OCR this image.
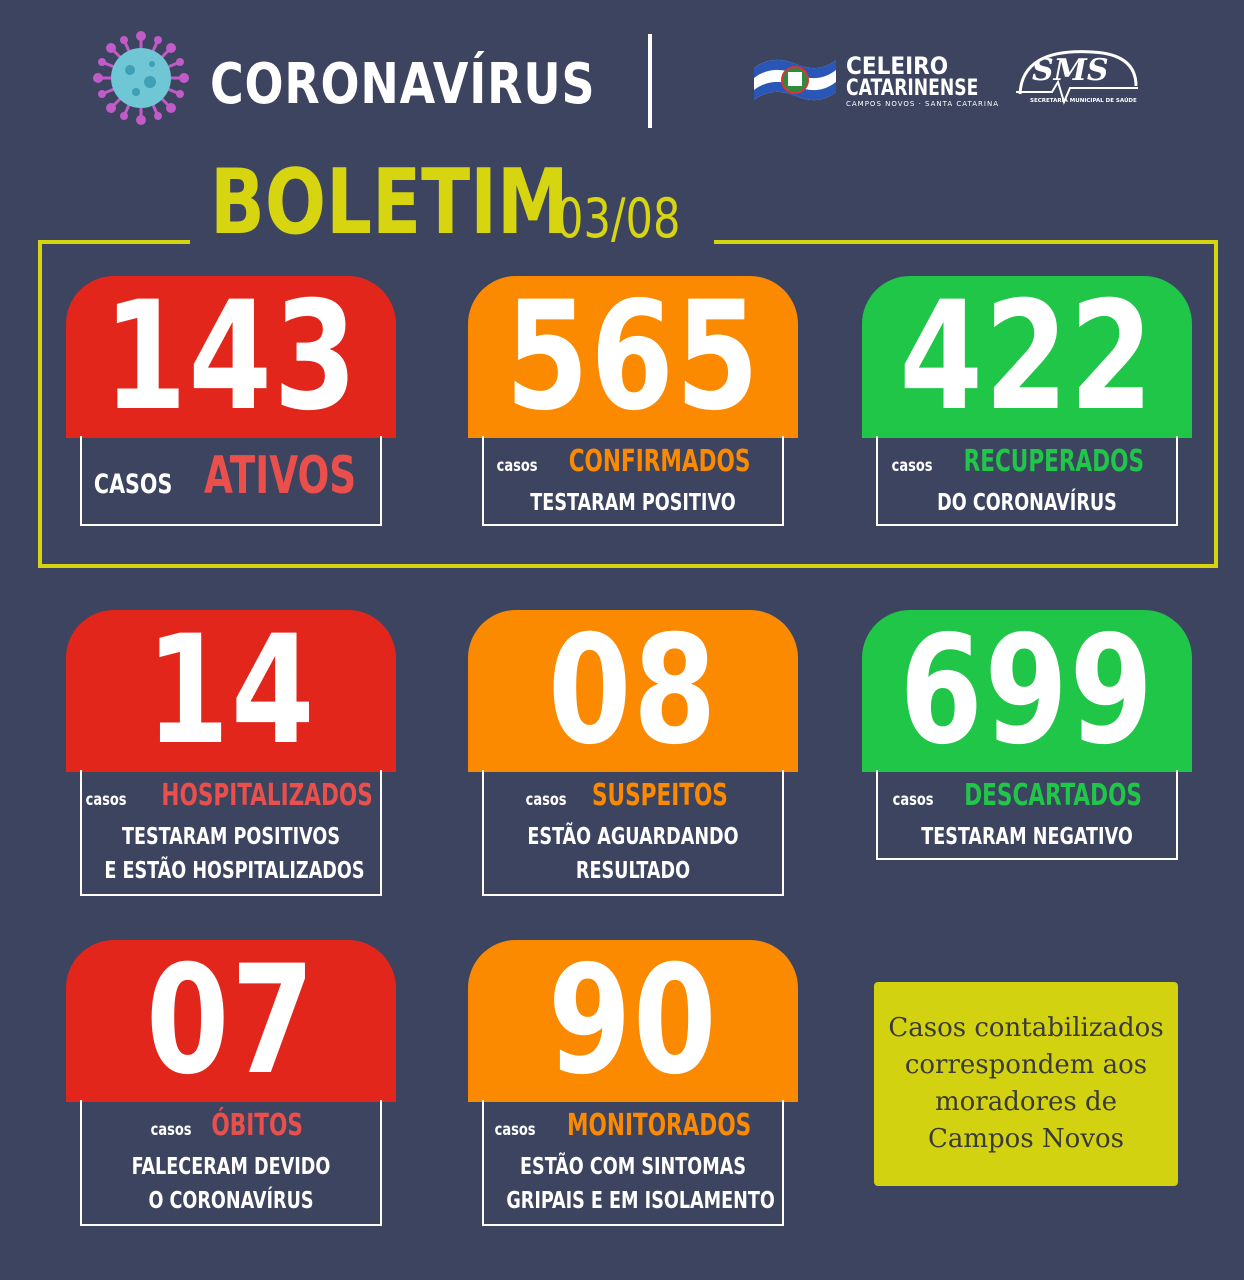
CORONAVÍRUS	CELEIRO
CATARINENSE
CAMPOS NOVOS · SANTA CATARINA
SMS
SECRETARIA MUNICIPAL DE SAÚDE
BOLETIM
03/08
143
CASOS ATIVOS
565
casos CONFIRMADOS
TESTARAM POSITIVO
422
casos RECUPERADOS
DO CORONAVÍRUS
14
casos HOSPITALIZADOS
TESTARAM POSITIVOS
E ESTÃO HOSPITALIZADOS
08
casos SUSPEITOS
ESTÃO AGUARDANDO
RESULTADO
699
casos DESCARTADOS
TESTARAM NEGATIVO
07
casos ÓBITOS
FALECERAM DEVIDO
O CORONAVÍRUS
90
casos MONITORADOS
ESTÃO COM SINTOMAS
GRIPAIS E EM ISOLAMENTO
Casos contabilizados
correspondem aos
moradores de
Campos Novos
